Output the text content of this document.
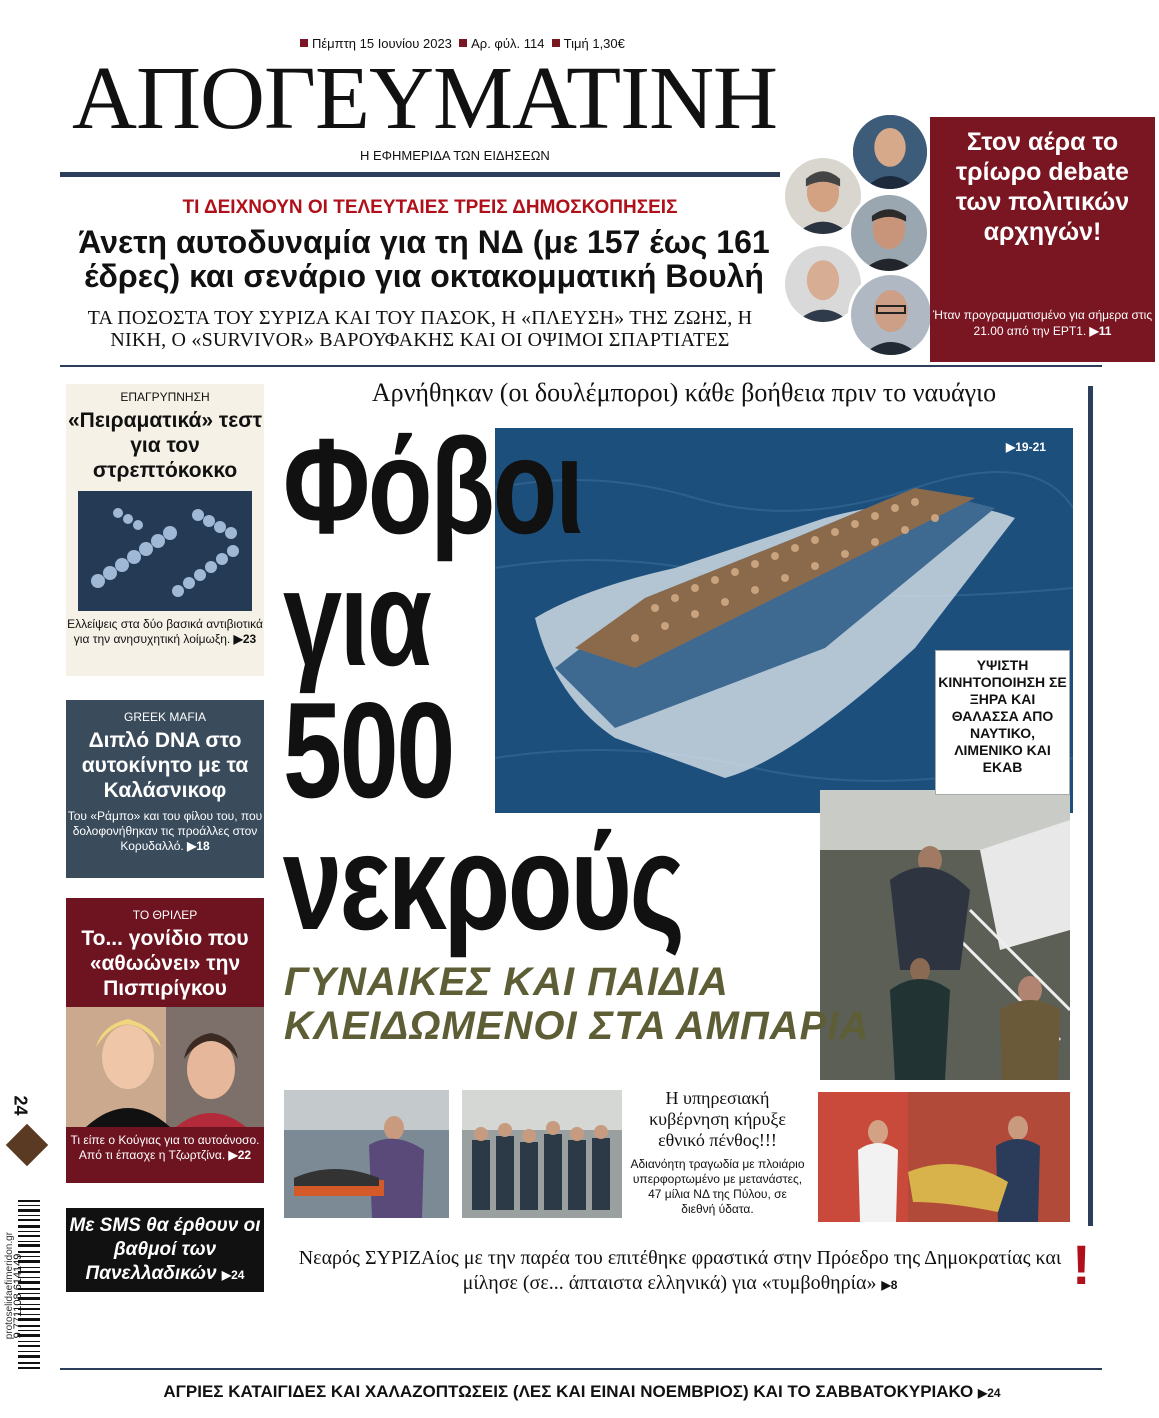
Πέμπτη 15 Ιουνίου 2023 Αρ. φύλ. 114 Τιμή 1,30€
ΑΠΟΓΕΥΜΑΤΙΝΗ
Η ΕΦΗΜΕΡΙΔΑ ΤΩΝ ΕΙΔΗΣΕΩΝ
ΤΙ ΔΕΙΧΝΟΥΝ ΟΙ ΤΕΛΕΥΤΑΙΕΣ ΤΡΕΙΣ ΔΗΜΟΣΚΟΠΗΣΕΙΣ
Άνετη αυτοδυναμία για τη ΝΔ (με 157 έως 161 έδρες) και σενάριο για οκτακομματική Βουλή
ΤΑ ΠΟΣΟΣΤΑ ΤΟΥ ΣΥΡΙΖΑ ΚΑΙ ΤΟΥ ΠΑΣΟΚ, Η «ΠΛΕΥΣΗ» ΤΗΣ ΖΩΗΣ, Η ΝΙΚΗ, Ο «SURVIVOR» ΒΑΡΟΥΦΑΚΗΣ ΚΑΙ ΟΙ ΟΨΙΜΟΙ ΣΠΑΡΤΙΑΤΕΣ
Στον αέρα το τρίωρο debate των πολιτικών αρχηγών!
Ήταν προγραμματισμένο για σήμερα στις 21.00 από την ΕΡΤ1. ▶11
ΕΠΑΓΡΥΠΝΗΣΗ
«Πειραματικά» τεστ για τον στρεπτόκοκκο
Ελλείψεις στα δύο βασικά αντιβιοτικά για την ανησυχητική λοίμωξη. ▶23
GREEK MAFIA
Διπλό DNA στο αυτοκίνητο με τα Καλάσνικοφ
Του «Ράμπο» και του φίλου του, που δολοφονήθηκαν τις προάλλες στον Κορυδαλλό. ▶18
ΤΟ ΘΡΙΛΕΡ
Το... γονίδιο που «αθωώνει» την Πισπιρίγκου
Τι είπε ο Κούγιας για το αυτοάνοσο. Από τι έπασχε η Τζωρτζίνα. ▶22
Με SMS θα έρθουν οι βαθμοί των Πανελλαδικών ▶24
Αρνήθηκαν (οι δουλέμποροι) κάθε βοήθεια πριν το ναυάγιο
▶19-21
Φόβοι
για
500
νεκρούς
ΥΨΙΣΤΗ ΚΙΝΗΤΟΠΟΙΗΣΗ ΣΕ ΞΗΡΑ ΚΑΙ ΘΑΛΑΣΣΑ ΑΠΟ ΝΑΥΤΙΚΟ, ΛΙΜΕΝΙΚΟ ΚΑΙ ΕΚΑΒ
ΓΥΝΑΙΚΕΣ ΚΑΙ ΠΑΙΔΙΑ
ΚΛΕΙΔΩΜΕΝΟΙ ΣΤΑ ΑΜΠΑΡΙΑ
Η υπηρεσιακή κυβέρνηση κήρυξε εθνικό πένθος!!!
Αδιανόητη τραγωδία με πλοιάριο υπερφορτωμένο με μετανάστες, 47 μίλια ΝΔ της Πύλου, σε διεθνή ύδατα.
Νεαρός ΣΥΡΙΖΑίος με την παρέα του επιτέθηκε φραστικά στην Πρόεδρο της Δημοκρατίας και μίλησε (σε... άπταιστα ελληνικά) για «τυμβοθηρία» ▶8	!
ΑΓΡΙΕΣ ΚΑΤΑΙΓΙΔΕΣ ΚΑΙ ΧΑΛΑΖΟΠΤΩΣΕΙΣ (ΛΕΣ ΚΑΙ ΕΙΝΑΙ ΝΟΕΜΒΡΙΟΣ) ΚΑΙ ΤΟ ΣΑΒΒΑΤΟΚΥΡΙΑΚΟ ▶24
24
9 771108 614149
protoselidaefimeridon.gr
